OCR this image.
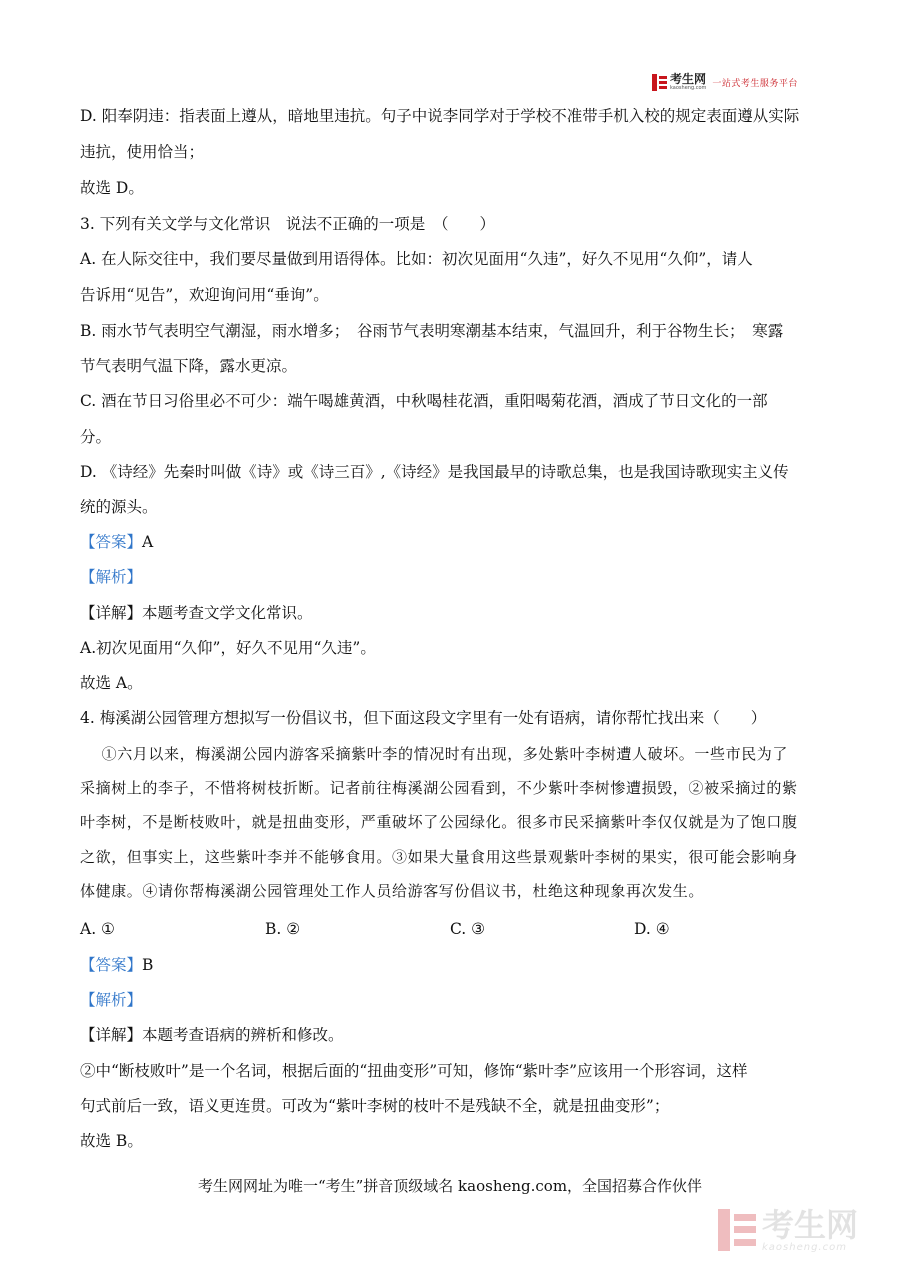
考生网
kaosheng.com 一站式考生服务平台
D. 阳奉阴违：指表面上遵从，暗地里违抗。句子中说李同学对于学校不准带手机入校的规定表面遵从实际
违抗，使用恰当；
故选 D。
3. 下列有关文学与文化常识　说法不正确的一项是　（　　）
A. 在人际交往中，我们要尽量做到用语得体。比如：初次见面用“久违”，好久不见用“久仰”，请人
告诉用“见告”，欢迎询问用“垂询”。
B. 雨水节气表明空气潮湿，雨水增多；　谷雨节气表明寒潮基本结束，气温回升，利于谷物生长；　寒露
节气表明气温下降，露水更凉。
C. 酒在节日习俗里必不可少：端午喝雄黄酒，中秋喝桂花酒，重阳喝菊花酒，酒成了节日文化的一部
分。
D. 《诗经》先秦时叫做《诗》或《诗三百》,《诗经》是我国最早的诗歌总集，也是我国诗歌现实主义传
统的源头。
【答案】A
【解析】
【详解】本题考查文学文化常识。
A.初次见面用“久仰”，好久不见用“久违”。
故选 A。
4. 梅溪湖公园管理方想拟写一份倡议书，但下面这段文字里有一处有语病，请你帮忙找出来（　　）
　①六月以来，梅溪湖公园内游客采摘紫叶李的情况时有出现，多处紫叶李树遭人破坏。一些市民为了
采摘树上的李子，不惜将树枝折断。记者前往梅溪湖公园看到，不少紫叶李树惨遭损毁，②被采摘过的紫
叶李树，不是断枝败叶，就是扭曲变形，严重破坏了公园绿化。很多市民采摘紫叶李仅仅就是为了饱口腹
之欲，但事实上，这些紫叶李并不能够食用。③如果大量食用这些景观紫叶李树的果实，很可能会影响身
体健康。④请你帮梅溪湖公园管理处工作人员给游客写份倡议书，杜绝这种现象再次发生。
A. ①	B. ②	C. ③	D. ④
【答案】B
【解析】
【详解】本题考查语病的辨析和修改。
②中“断枝败叶”是一个名词，根据后面的“扭曲变形”可知，修饰“紫叶李”应该用一个形容词，这样
句式前后一致，语义更连贯。可改为“紫叶李树的枝叶不是残缺不全，就是扭曲变形”；
故选 B。
考生网网址为唯一“考生”拼音顶级域名 kaosheng.com，全国招募合作伙伴
考生网
kaosheng.com
